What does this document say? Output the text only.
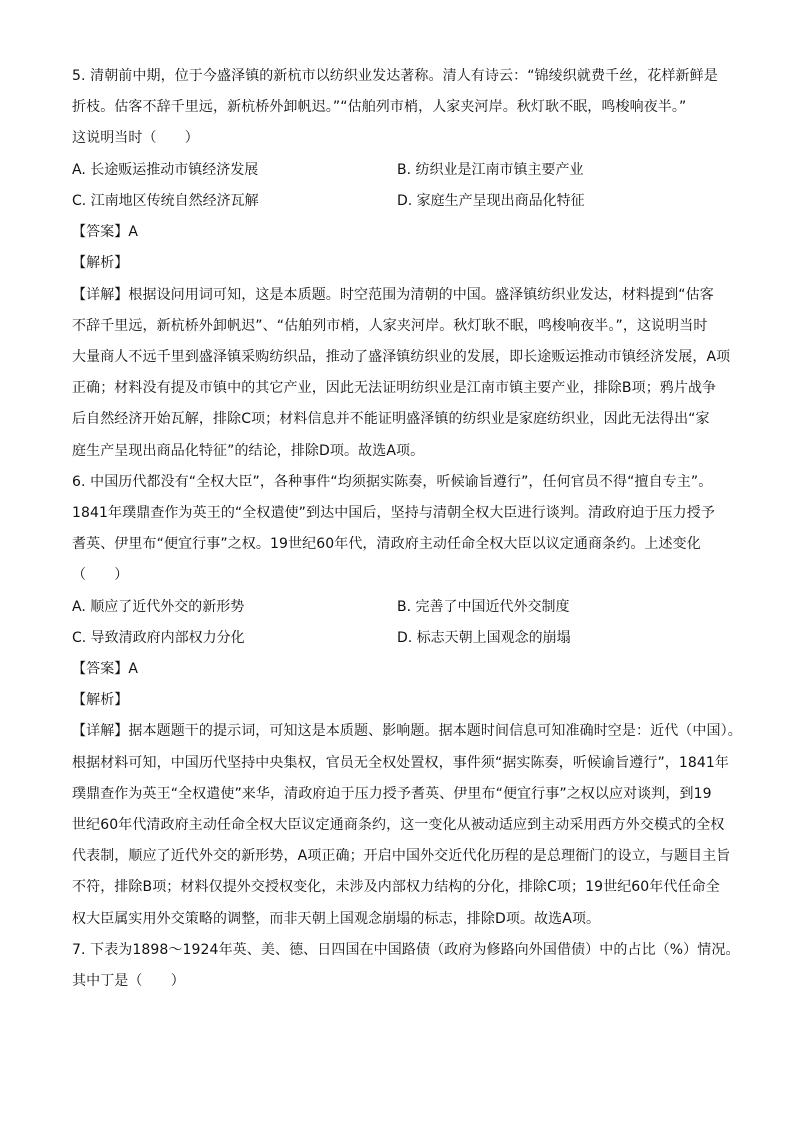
5. 清朝前中期，位于今盛泽镇的新杭市以纺织业发达著称。清人有诗云：“锦绫织就费千丝，花样新鲜是
折枝。估客不辞千里远，新杭桥外卸帆迟。”“估舶列市梢，人家夹河岸。秋灯耿不眠，鸣梭响夜半。”
这说明当时（　　）
A. 长途贩运推动市镇经济发展	B. 纺织业是江南市镇主要产业
C. 江南地区传统自然经济瓦解	D. 家庭生产呈现出商品化特征
【答案】A
【解析】
【详解】根据设问用词可知，这是本质题。时空范围为清朝的中国。盛泽镇纺织业发达，材料提到“估客
不辞千里远，新杭桥外卸帆迟”、“估舶列市梢，人家夹河岸。秋灯耿不眠，鸣梭响夜半。”，这说明当时
大量商人不远千里到盛泽镇采购纺织品，推动了盛泽镇纺织业的发展，即长途贩运推动市镇经济发展，A项
正确；材料没有提及市镇中的其它产业，因此无法证明纺织业是江南市镇主要产业，排除B项；鸦片战争
后自然经济开始瓦解，排除C项；材料信息并不能证明盛泽镇的纺织业是家庭纺织业，因此无法得出“家
庭生产呈现出商品化特征”的结论，排除D项。故选A项。
6. 中国历代都没有“全权大臣”，各种事件“均须据实陈奏，听候谕旨遵行”，任何官员不得“擅自专主”。
1841年璞鼎查作为英王的“全权遣使”到达中国后，坚持与清朝全权大臣进行谈判。清政府迫于压力授予
耆英、伊里布“便宜行事”之权。19世纪60年代，清政府主动任命全权大臣以议定通商条约。上述变化
（　　）
A. 顺应了近代外交的新形势	B. 完善了中国近代外交制度
C. 导致清政府内部权力分化	D. 标志天朝上国观念的崩塌
【答案】A
【解析】
【详解】据本题题干的提示词，可知这是本质题、影响题。据本题时间信息可知准确时空是：近代（中国）。
根据材料可知，中国历代坚持中央集权，官员无全权处置权，事件须“据实陈奏，听候谕旨遵行”，1841年
璞鼎查作为英王“全权遣使”来华，清政府迫于压力授予耆英、伊里布“便宜行事”之权以应对谈判，到19
世纪60年代清政府主动任命全权大臣议定通商条约，这一变化从被动适应到主动采用西方外交模式的全权
代表制，顺应了近代外交的新形势，A项正确；开启中国外交近代化历程的是总理衙门的设立，与题目主旨
不符，排除B项；材料仅提外交授权变化，未涉及内部权力结构的分化，排除C项；19世纪60年代任命全
权大臣属实用外交策略的调整，而非天朝上国观念崩塌的标志，排除D项。故选A项。
7. 下表为1898～1924年英、美、德、日四国在中国路债（政府为修路向外国借债）中的占比（%）情况。
其中丁是（　　）
